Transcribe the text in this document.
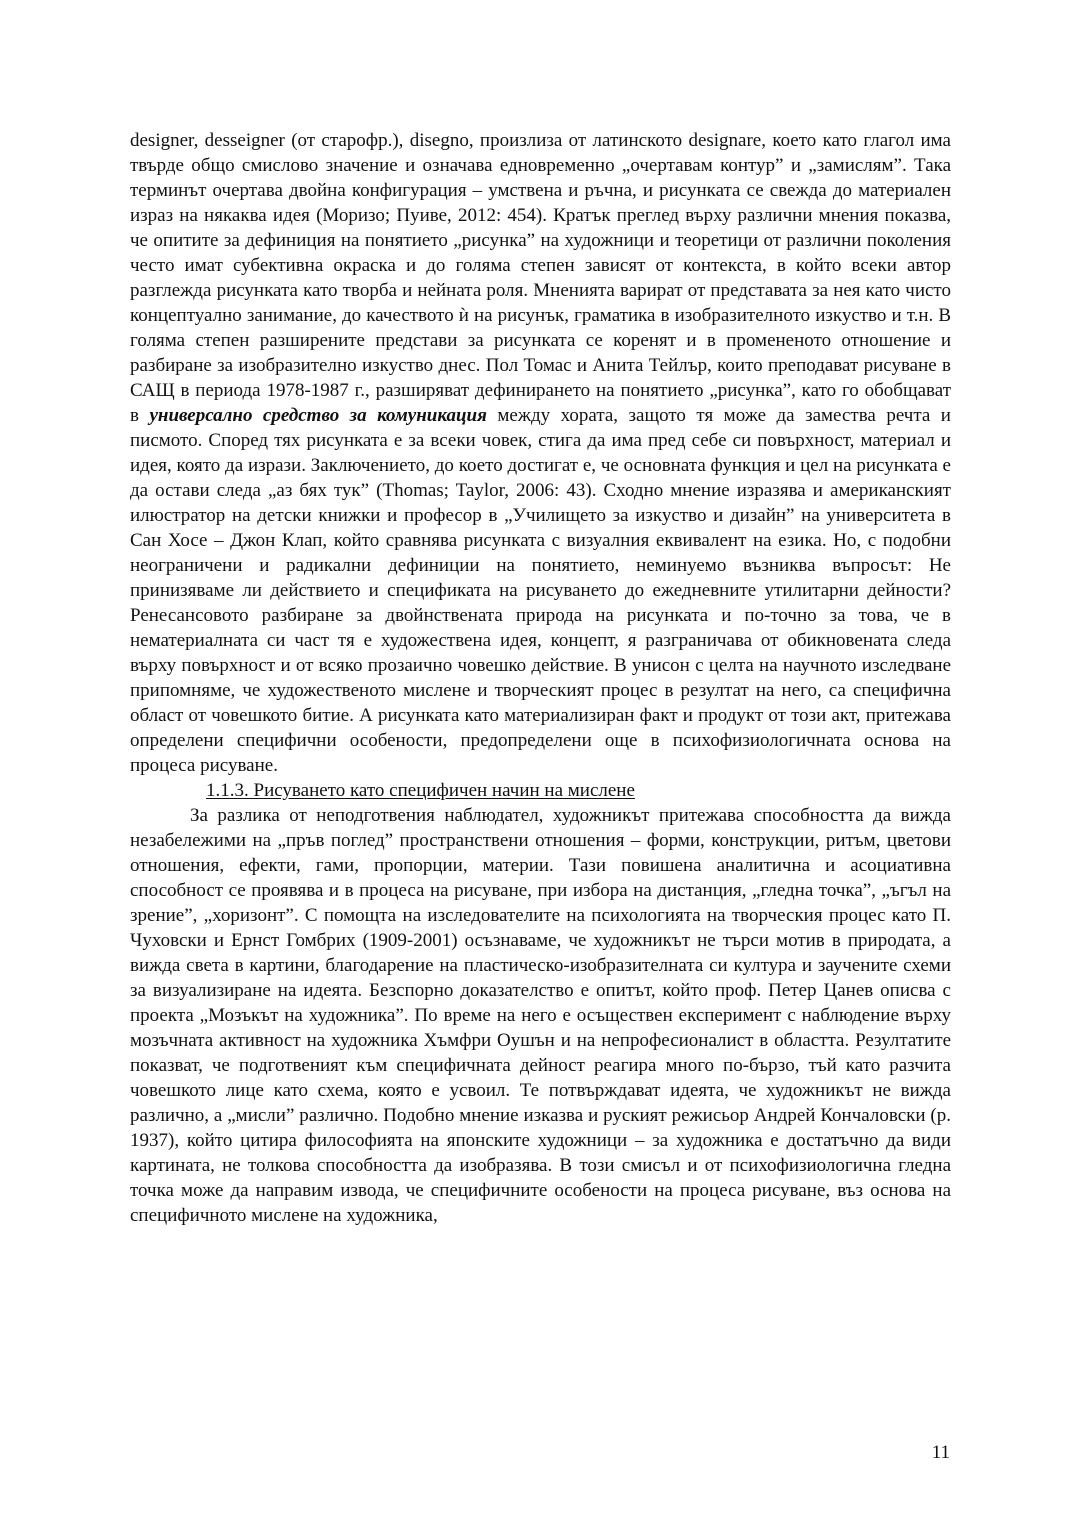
designer, desseigner (от старофр.), disegno, произлиза от латинското designare, което като глагол има твърде общо смислово значение и означава едновременно „очертавам контур” и „замислям”. Така терминът очертава двойна конфигурация – умствена и ръчна, и рисунката се свежда до материален израз на някаква идея (Моризо; Пуиве, 2012: 454). Кратък преглед върху различни мнения показва, че опитите за дефиниция на понятието „рисунка” на художници и теоретици от различни поколения често имат субективна окраска и до голяма степен зависят от контекста, в който всеки автор разглежда рисунката като творба и нейната роля. Мненията варират от представата за нея като чисто концептуално занимание, до качеството ѝ на рисунък, граматика в изобразителното изкуство и т.н. В голяма степен разширените представи за рисунката се коренят и в промененото отношение и разбиране за изобразително изкуство днес. Пол Томас и Анита Тейлър, които преподават рисуване в САЩ в периода 1978-1987 г., разширяват дефинирането на понятието „рисунка”, като го обобщават в универсално средство за комуникация между хората, защото тя може да замества речта и писмото. Според тях рисунката е за всеки човек, стига да има пред себе си повърхност, материал и идея, която да изрази. Заключението, до което достигат е, че основната функция и цел на рисунката е да остави следа „аз бях тук” (Thomas; Taylor, 2006: 43). Сходно мнение изразява и американският илюстратор на детски книжки и професор в „Училището за изкуство и дизайн” на университета в Сан Хосе – Джон Клап, който сравнява рисунката с визуалния еквивалент на езика. Но, с подобни неограничени и радикални дефиниции на понятието, неминуемо възниква въпросът: Не принизяваме ли действието и спецификата на рисуването до ежедневните утилитарни дейности? Ренесансовото разбиране за двойнствената природа на рисунката и по-точно за това, че в нематериалната си част тя е художествена идея, концепт, я разграничава от обикновената следа върху повърхност и от всяко прозаично човешко действие. В унисон с целта на научното изследване припомняме, че художественото мислене и творческият процес в резултат на него, са специфична област от човешкото битие. А рисунката като материализиран факт и продукт от този акт, притежава определени специфични особености, предопределени още в психофизиологичната основа на процеса рисуване.

1.1.3. Рисуването като специфичен начин на мислене

За разлика от неподготвения наблюдател, художникът притежава способността да вижда незабележими на „пръв поглед” пространствени отношения – форми, конструкции, ритъм, цветови отношения, ефекти, гами, пропорции, материи. Тази повишена аналитична и асоциативна способност се проявява и в процеса на рисуване, при избора на дистанция, „гледна точка”, „ъгъл на зрение”, „хоризонт”. С помощта на изследователите на психологията на творческия процес като П. Чуховски и Ернст Гомбрих (1909-2001) осъзнаваме, че художникът не търси мотив в природата, а вижда света в картини, благодарение на пластическо-изобразителната си култура и заучените схеми за визуализиране на идеята. Безспорно доказателство е опитът, който проф. Петер Цанев описва с проекта „Мозъкът на художника”. По време на него е осъществен експеримент с наблюдение върху мозъчната активност на художника Хъмфри Оушън и на непрофесионалист в областта. Резултатите показват, че подготвеният към специфичната дейност реагира много по-бързо, тъй като разчита човешкото лице като схема, която е усвоил. Те потвърждават идеята, че художникът не вижда различно, а „мисли” различно. Подобно мнение изказва и руският режисьор Андрей Кончаловски (р. 1937), който цитира философията на японските художници – за художника е достатъчно да види картината, не толкова способността да изобразява. В този смисъл и от психофизиологична гледна точка може да направим извода, че специфичните особености на процеса рисуване, въз основа на специфичното мислене на художника,

11
